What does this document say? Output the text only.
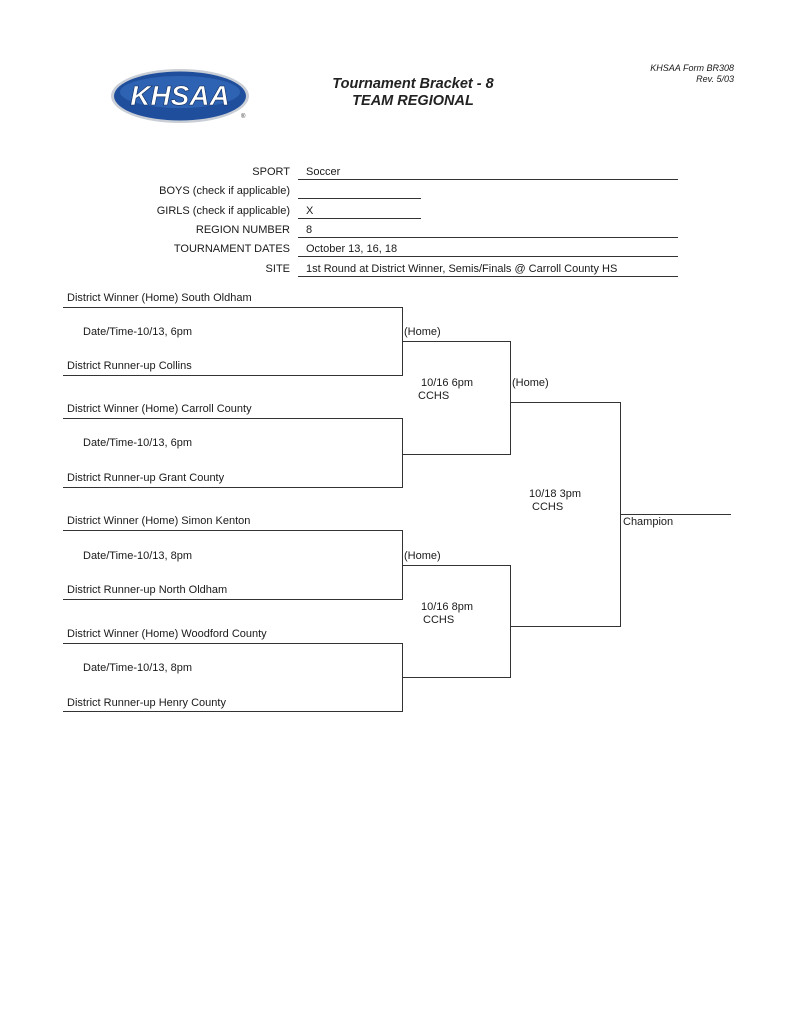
KHSAA
®
KHSAA Form BR308
Rev. 5/03
Tournament Bracket - 8
TEAM REGIONAL
SPORT Soccer
BOYS (check if applicable)
GIRLS (check if applicable) X
REGION NUMBER 8
TOURNAMENT DATES October 13, 16, 18
SITE 1st Round at District Winner, Semis/Finals @ Carroll County HS
District Winner (Home) South Oldham
Date/Time-10/13, 6pm
District Runner-up Collins
District Winner (Home) Carroll County
Date/Time-10/13, 6pm
District Runner-up Grant County
District Winner (Home) Simon Kenton
Date/Time-10/13, 8pm
District Runner-up North Oldham
District Winner (Home) Woodford County
Date/Time-10/13, 8pm
District Runner-up Henry County
(Home)
10/16 6pm
CCHS
(Home)
10/16 8pm
CCHS
(Home)
10/18 3pm
CCHS
Champion
